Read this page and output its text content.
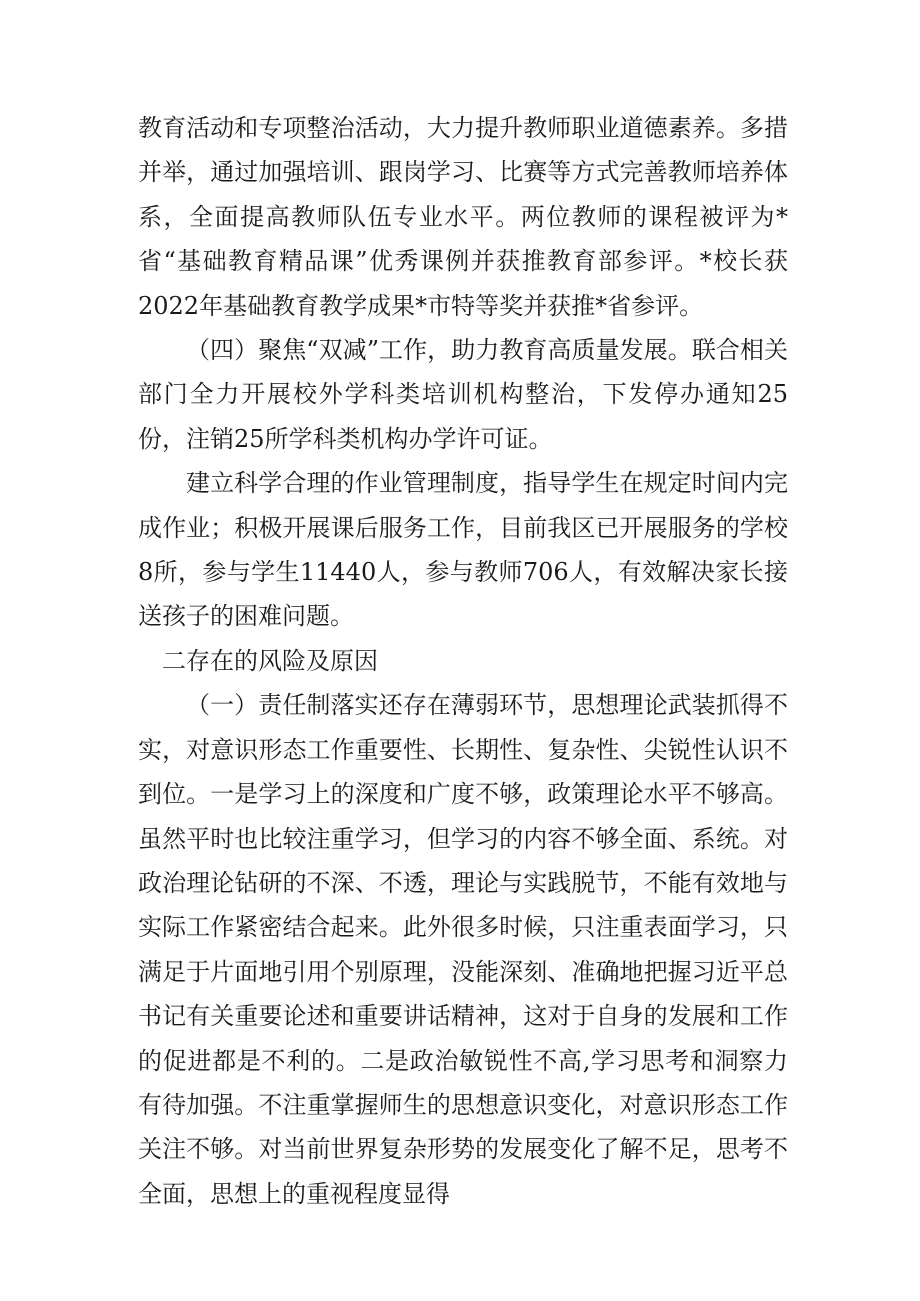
教育活动和专项整治活动，大力提升教师职业道德素养。多措并举，通过加强培训、跟岗学习、比赛等方式完善教师培养体系，全面提高教师队伍专业水平。两位教师的课程被评为*省“基础教育精品课”优秀课例并获推教育部参评。*校长获2022年基础教育教学成果*市特等奖并获推*省参评。

（四）聚焦“双减”工作，助力教育高质量发展。联合相关部门全力开展校外学科类培训机构整治，下发停办通知25份，注销25所学科类机构办学许可证。

建立科学合理的作业管理制度，指导学生在规定时间内完成作业；积极开展课后服务工作，目前我区已开展服务的学校8所，参与学生11440人，参与教师706人，有效解决家长接送孩子的困难问题。

二存在的风险及原因

（一）责任制落实还存在薄弱环节，思想理论武装抓得不实，对意识形态工作重要性、长期性、复杂性、尖锐性认识不到位。一是学习上的深度和广度不够，政策理论水平不够高。虽然平时也比较注重学习，但学习的内容不够全面、系统。对政治理论钻研的不深、不透，理论与实践脱节，不能有效地与实际工作紧密结合起来。此外很多时候，只注重表面学习，只满足于片面地引用个别原理，没能深刻、准确地把握习近平总书记有关重要论述和重要讲话精神，这对于自身的发展和工作的促进都是不利的。二是政治敏锐性不高,学习思考和洞察力有待加强。不注重掌握师生的思想意识变化，对意识形态工作关注不够。对当前世界复杂形势的发展变化了解不足，思考不全面，思想上的重视程度显得
